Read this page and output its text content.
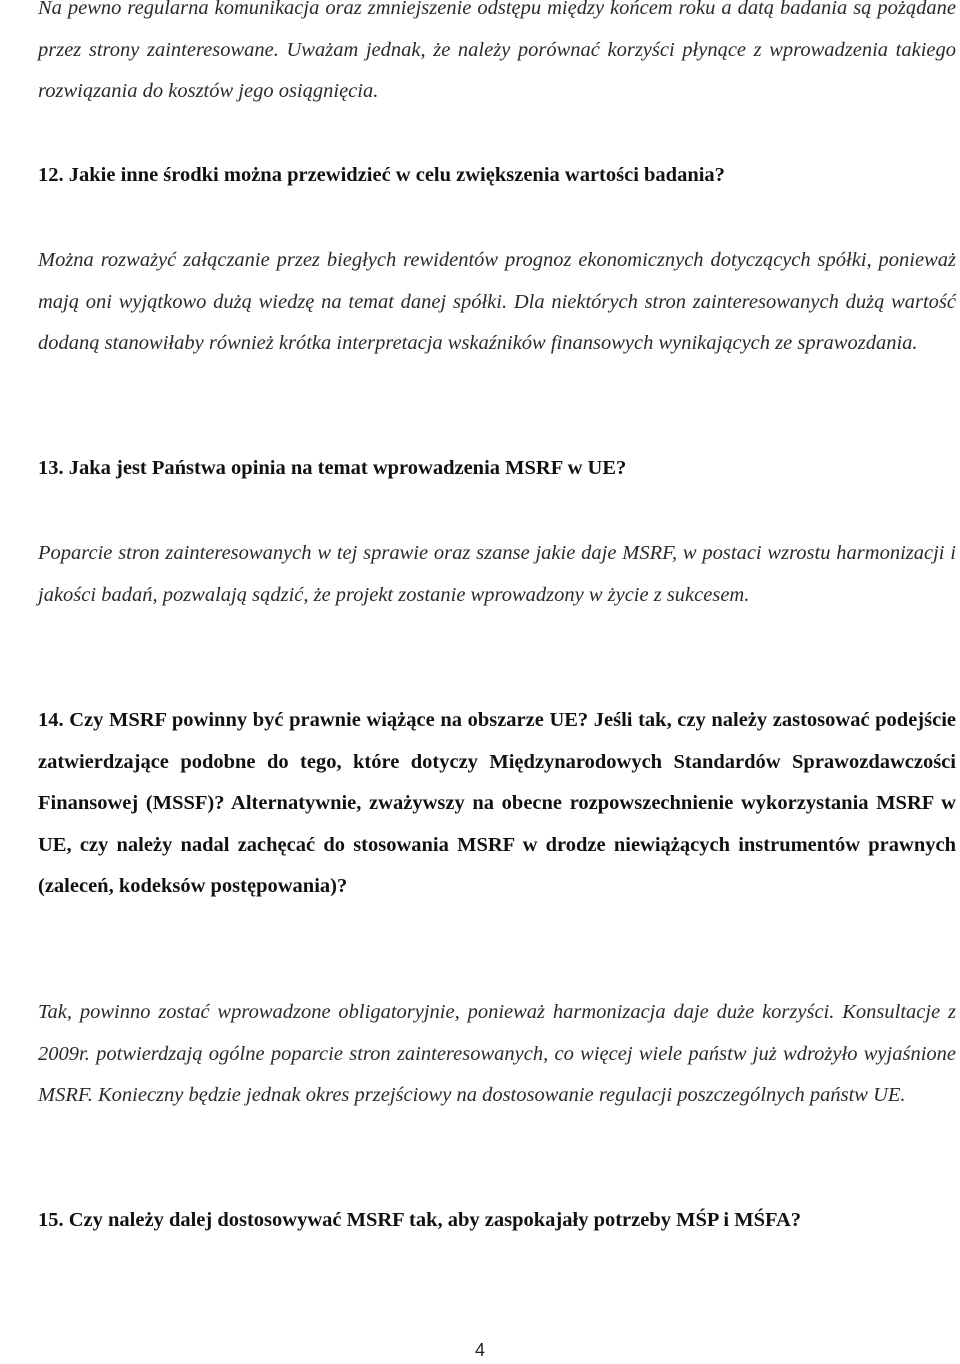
Na pewno regularna komunikacja oraz zmniejszenie odstępu między końcem roku a datą badania są pożądane przez strony zainteresowane. Uważam jednak, że należy porównać korzyści płynące z wprowadzenia takiego rozwiązania do kosztów jego osiągnięcia.

12. Jakie inne środki można przewidzieć w celu zwiększenia wartości badania?

Można rozważyć załączanie przez biegłych rewidentów prognoz ekonomicznych dotyczących spółki, ponieważ mają oni wyjątkowo dużą wiedzę na temat danej spółki. Dla niektórych stron zainteresowanych dużą wartość dodaną stanowiłaby również krótka interpretacja wskaźników finansowych wynikających ze sprawozdania.

13. Jaka jest Państwa opinia na temat wprowadzenia MSRF w UE?

Poparcie stron zainteresowanych w tej sprawie oraz szanse jakie daje MSRF, w postaci wzrostu harmonizacji i jakości badań, pozwalają sądzić, że projekt zostanie wprowadzony w życie z sukcesem.

14. Czy MSRF powinny być prawnie wiążące na obszarze UE? Jeśli tak, czy należy zastosować podejście zatwierdzające podobne do tego, które dotyczy Międzynarodowych Standardów Sprawozdawczości Finansowej (MSSF)? Alternatywnie, zważywszy na obecne rozpowszechnienie wykorzystania MSRF w UE, czy należy nadal zachęcać do stosowania MSRF w drodze niewiążących instrumentów prawnych (zaleceń, kodeksów postępowania)?

Tak, powinno zostać wprowadzone obligatoryjnie, ponieważ harmonizacja daje duże korzyści. Konsultacje z 2009r. potwierdzają ogólne poparcie stron zainteresowanych, co więcej wiele państw już wdrożyło wyjaśnione MSRF. Konieczny będzie jednak okres przejściowy na dostosowanie regulacji poszczególnych państw UE.

15. Czy należy dalej dostosowywać MSRF tak, aby zaspokajały potrzeby MŚP i MŚFA?

4
